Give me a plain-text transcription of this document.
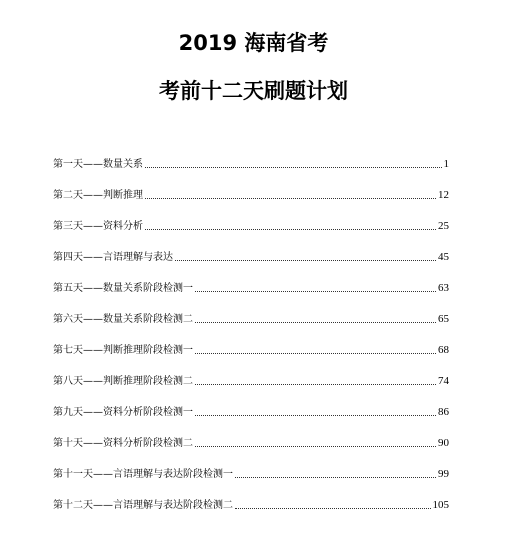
2019 海南省考
考前十二天刷题计划
第一天——数量关系	1
第二天——判断推理	12
第三天——资料分析	25
第四天——言语理解与表达	45
第五天——数量关系阶段检测一	63
第六天——数量关系阶段检测二	65
第七天——判断推理阶段检测一	68
第八天——判断推理阶段检测二	74
第九天——资料分析阶段检测一	86
第十天——资料分析阶段检测二	90
第十一天——言语理解与表达阶段检测一	99
第十二天——言语理解与表达阶段检测二	105
